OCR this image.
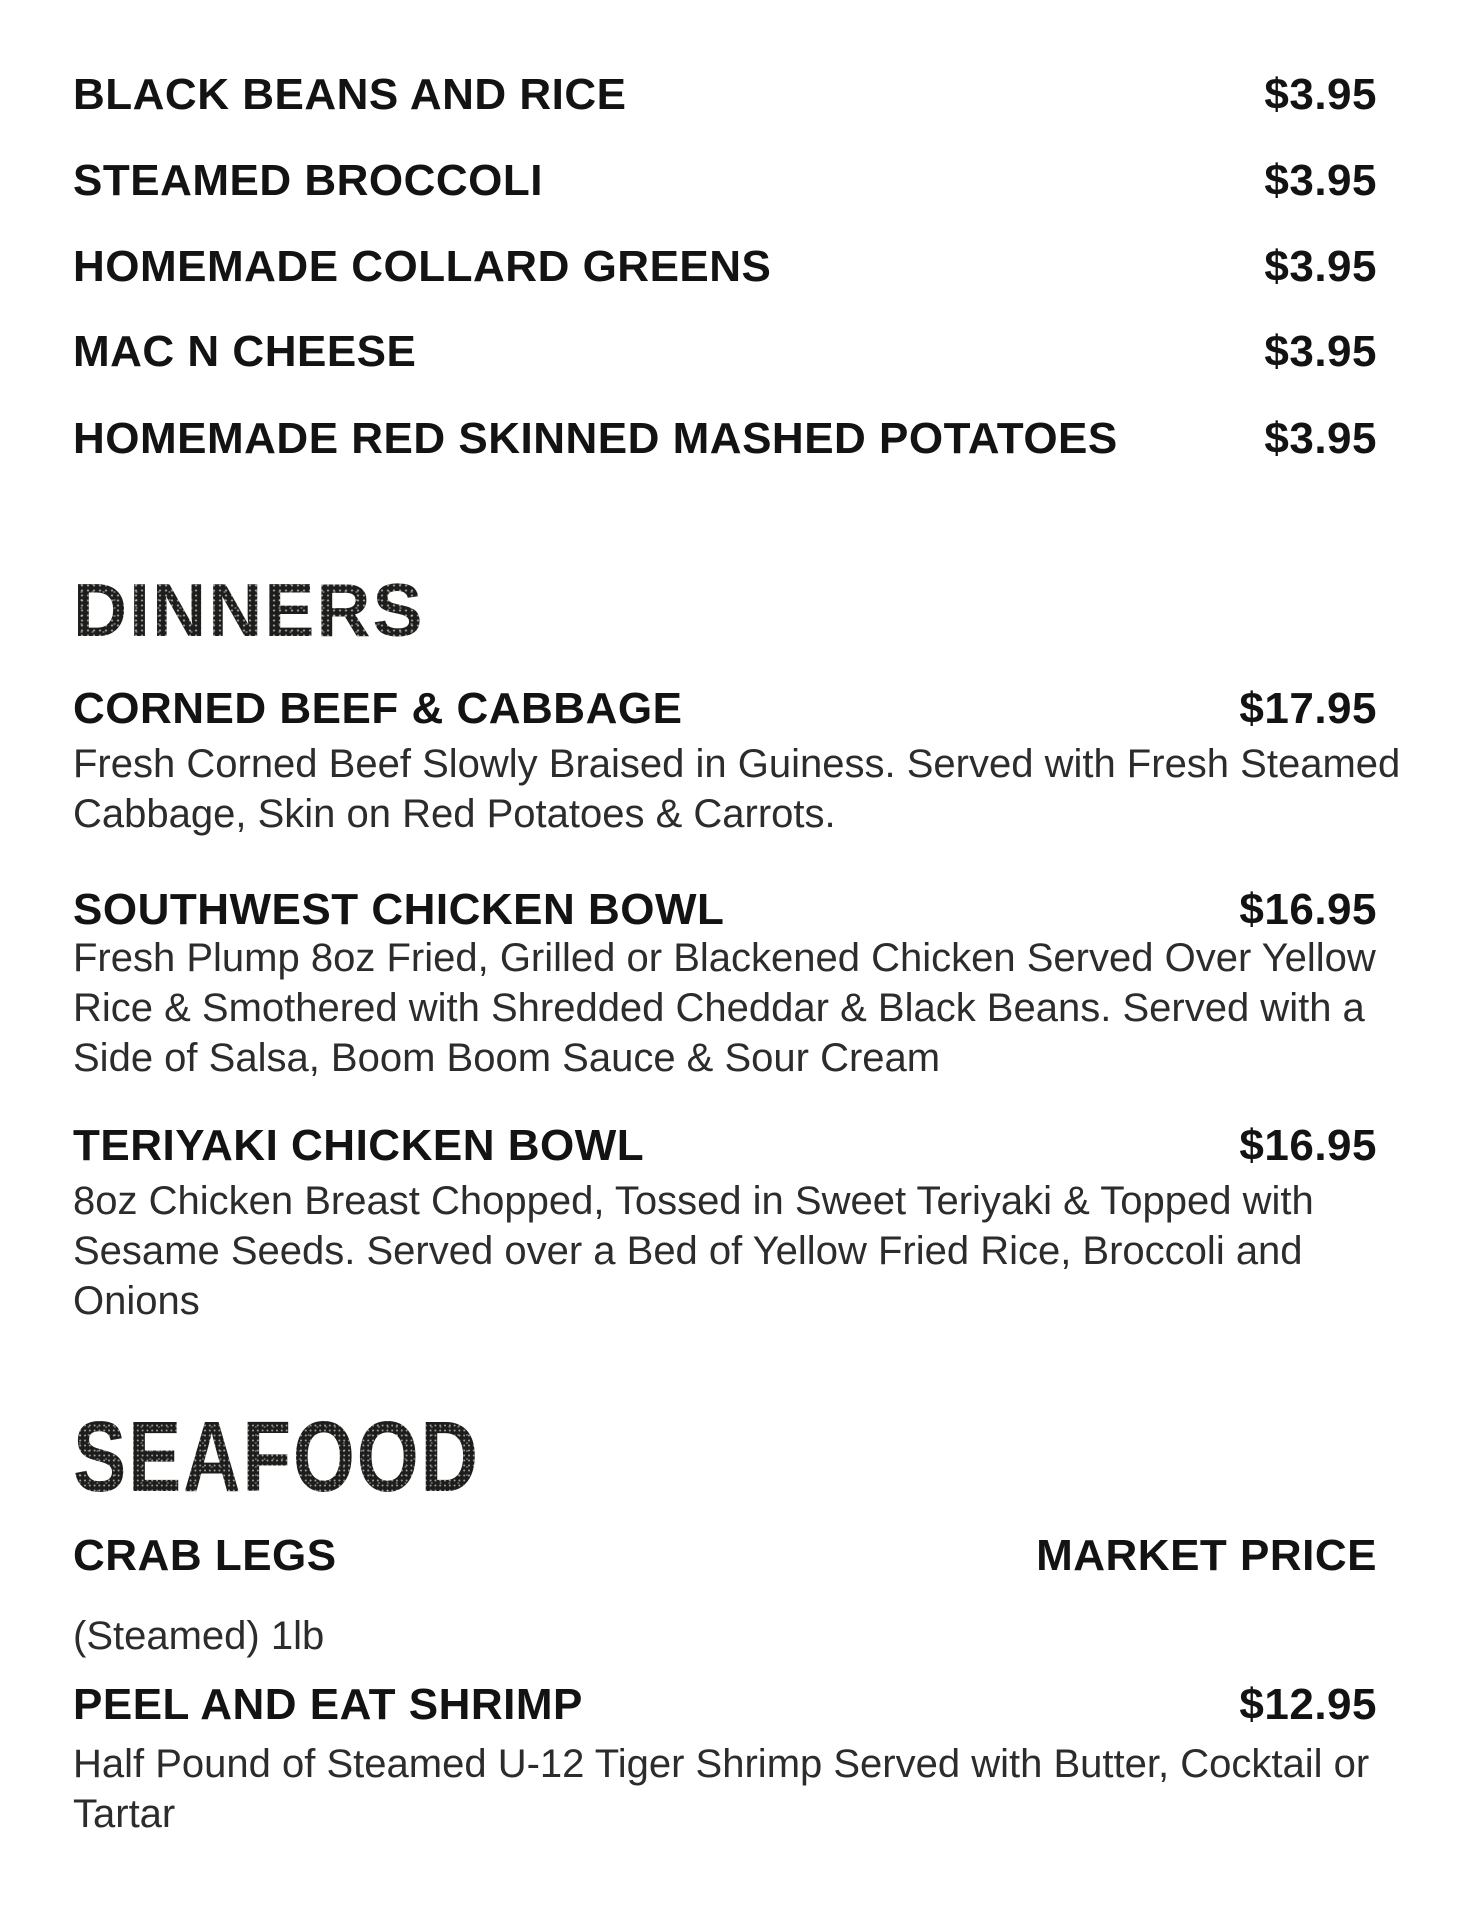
BLACK BEANS AND RICE	$3.95
STEAMED BROCCOLI	$3.95
HOMEMADE COLLARD GREENS	$3.95
MAC N CHEESE	$3.95
HOMEMADE RED SKINNED MASHED POTATOES	$3.95
DINNERS
CORNED BEEF & CABBAGE	$17.95
Fresh Corned Beef Slowly Braised in Guiness. Served with Fresh Steamed
Cabbage, Skin on Red Potatoes & Carrots.
SOUTHWEST CHICKEN BOWL	$16.95
Fresh Plump 8oz Fried, Grilled or Blackened Chicken Served Over Yellow
Rice & Smothered with Shredded Cheddar & Black Beans. Served with a
Side of Salsa, Boom Boom Sauce & Sour Cream
TERIYAKI CHICKEN BOWL	$16.95
8oz Chicken Breast Chopped, Tossed in Sweet Teriyaki & Topped with
Sesame Seeds. Served over a Bed of Yellow Fried Rice, Broccoli and
Onions
SEAFOOD
CRAB LEGS	MARKET PRICE
(Steamed) 1lb
PEEL AND EAT SHRIMP	$12.95
Half Pound of Steamed U-12 Tiger Shrimp Served with Butter, Cocktail or
Tartar
